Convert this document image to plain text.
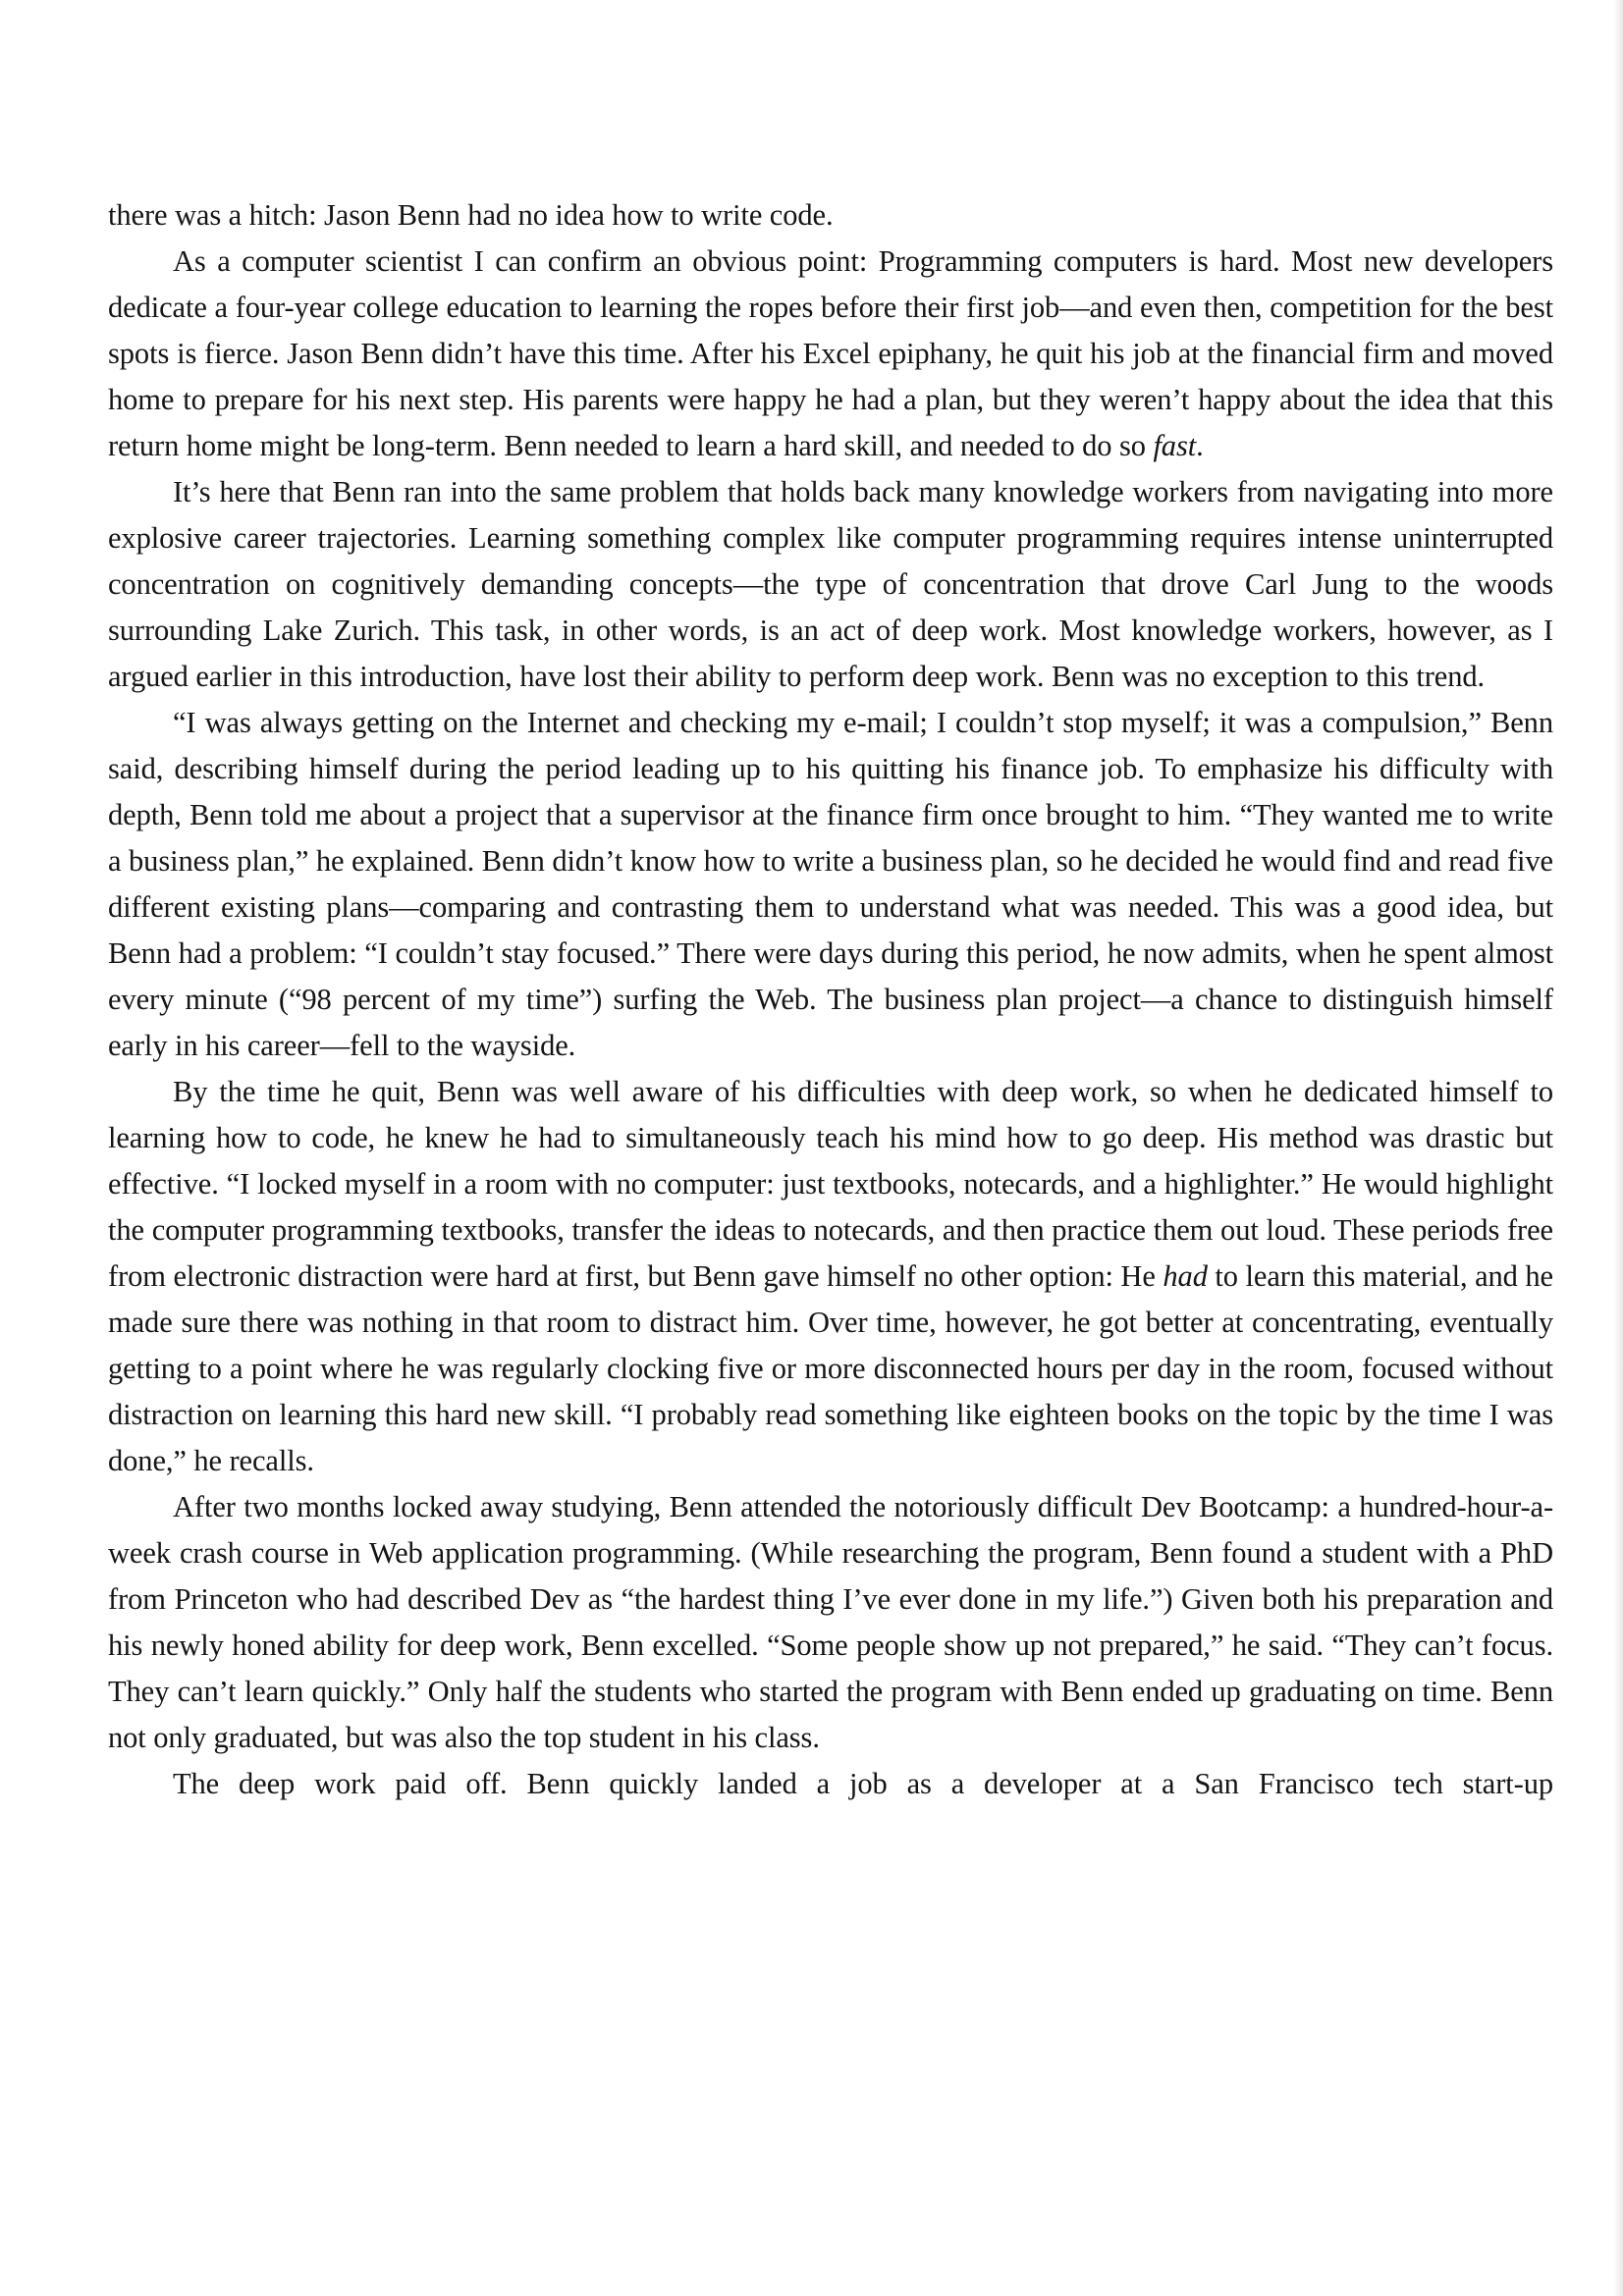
there was a hitch: Jason Benn had no idea how to write code.

As a computer scientist I can confirm an obvious point: Programming computers is hard. Most new developers dedicate a four-year college education to learning the ropes before their first job—and even then, competition for the best spots is fierce. Jason Benn didn’t have this time. After his Excel epiphany, he quit his job at the financial firm and moved home to prepare for his next step. His parents were happy he had a plan, but they weren’t happy about the idea that this return home might be long-term. Benn needed to learn a hard skill, and needed to do so fast.

It’s here that Benn ran into the same problem that holds back many knowledge workers from navigating into more explosive career trajectories. Learning something complex like computer programming requires intense uninterrupted concentration on cognitively demanding concepts—the type of concentration that drove Carl Jung to the woods surrounding Lake Zurich. This task, in other words, is an act of deep work. Most knowledge workers, however, as I argued earlier in this introduction, have lost their ability to perform deep work. Benn was no exception to this trend.

“I was always getting on the Internet and checking my e-mail; I couldn’t stop myself; it was a compulsion,” Benn said, describing himself during the period leading up to his quitting his finance job. To emphasize his difficulty with depth, Benn told me about a project that a supervisor at the finance firm once brought to him. “They wanted me to write a business plan,” he explained. Benn didn’t know how to write a business plan, so he decided he would find and read five different existing plans—comparing and contrasting them to understand what was needed. This was a good idea, but Benn had a problem: “I couldn’t stay focused.” There were days during this period, he now admits, when he spent almost every minute (“98 percent of my time”) surfing the Web. The business plan project—a chance to distinguish himself early in his career—fell to the wayside.

By the time he quit, Benn was well aware of his difficulties with deep work, so when he dedicated himself to learning how to code, he knew he had to simultaneously teach his mind how to go deep. His method was drastic but effective. “I locked myself in a room with no computer: just textbooks, notecards, and a highlighter.” He would highlight the computer programming textbooks, transfer the ideas to notecards, and then practice them out loud. These periods free from electronic distraction were hard at first, but Benn gave himself no other option: He had to learn this material, and he made sure there was nothing in that room to distract him. Over time, however, he got better at concentrating, eventually getting to a point where he was regularly clocking five or more disconnected hours per day in the room, focused without distraction on learning this hard new skill. “I probably read something like eighteen books on the topic by the time I was done,” he recalls.

After two months locked away studying, Benn attended the notoriously difficult Dev Bootcamp: a hundred-hour-a-week crash course in Web application programming. (While researching the program, Benn found a student with a PhD from Princeton who had described Dev as “the hardest thing I’ve ever done in my life.”) Given both his preparation and his newly honed ability for deep work, Benn excelled. “Some people show up not prepared,” he said. “They can’t focus. They can’t learn quickly.” Only half the students who started the program with Benn ended up graduating on time. Benn not only graduated, but was also the top student in his class.

The deep work paid off. Benn quickly landed a job as a developer at a San Francisco tech start-up
